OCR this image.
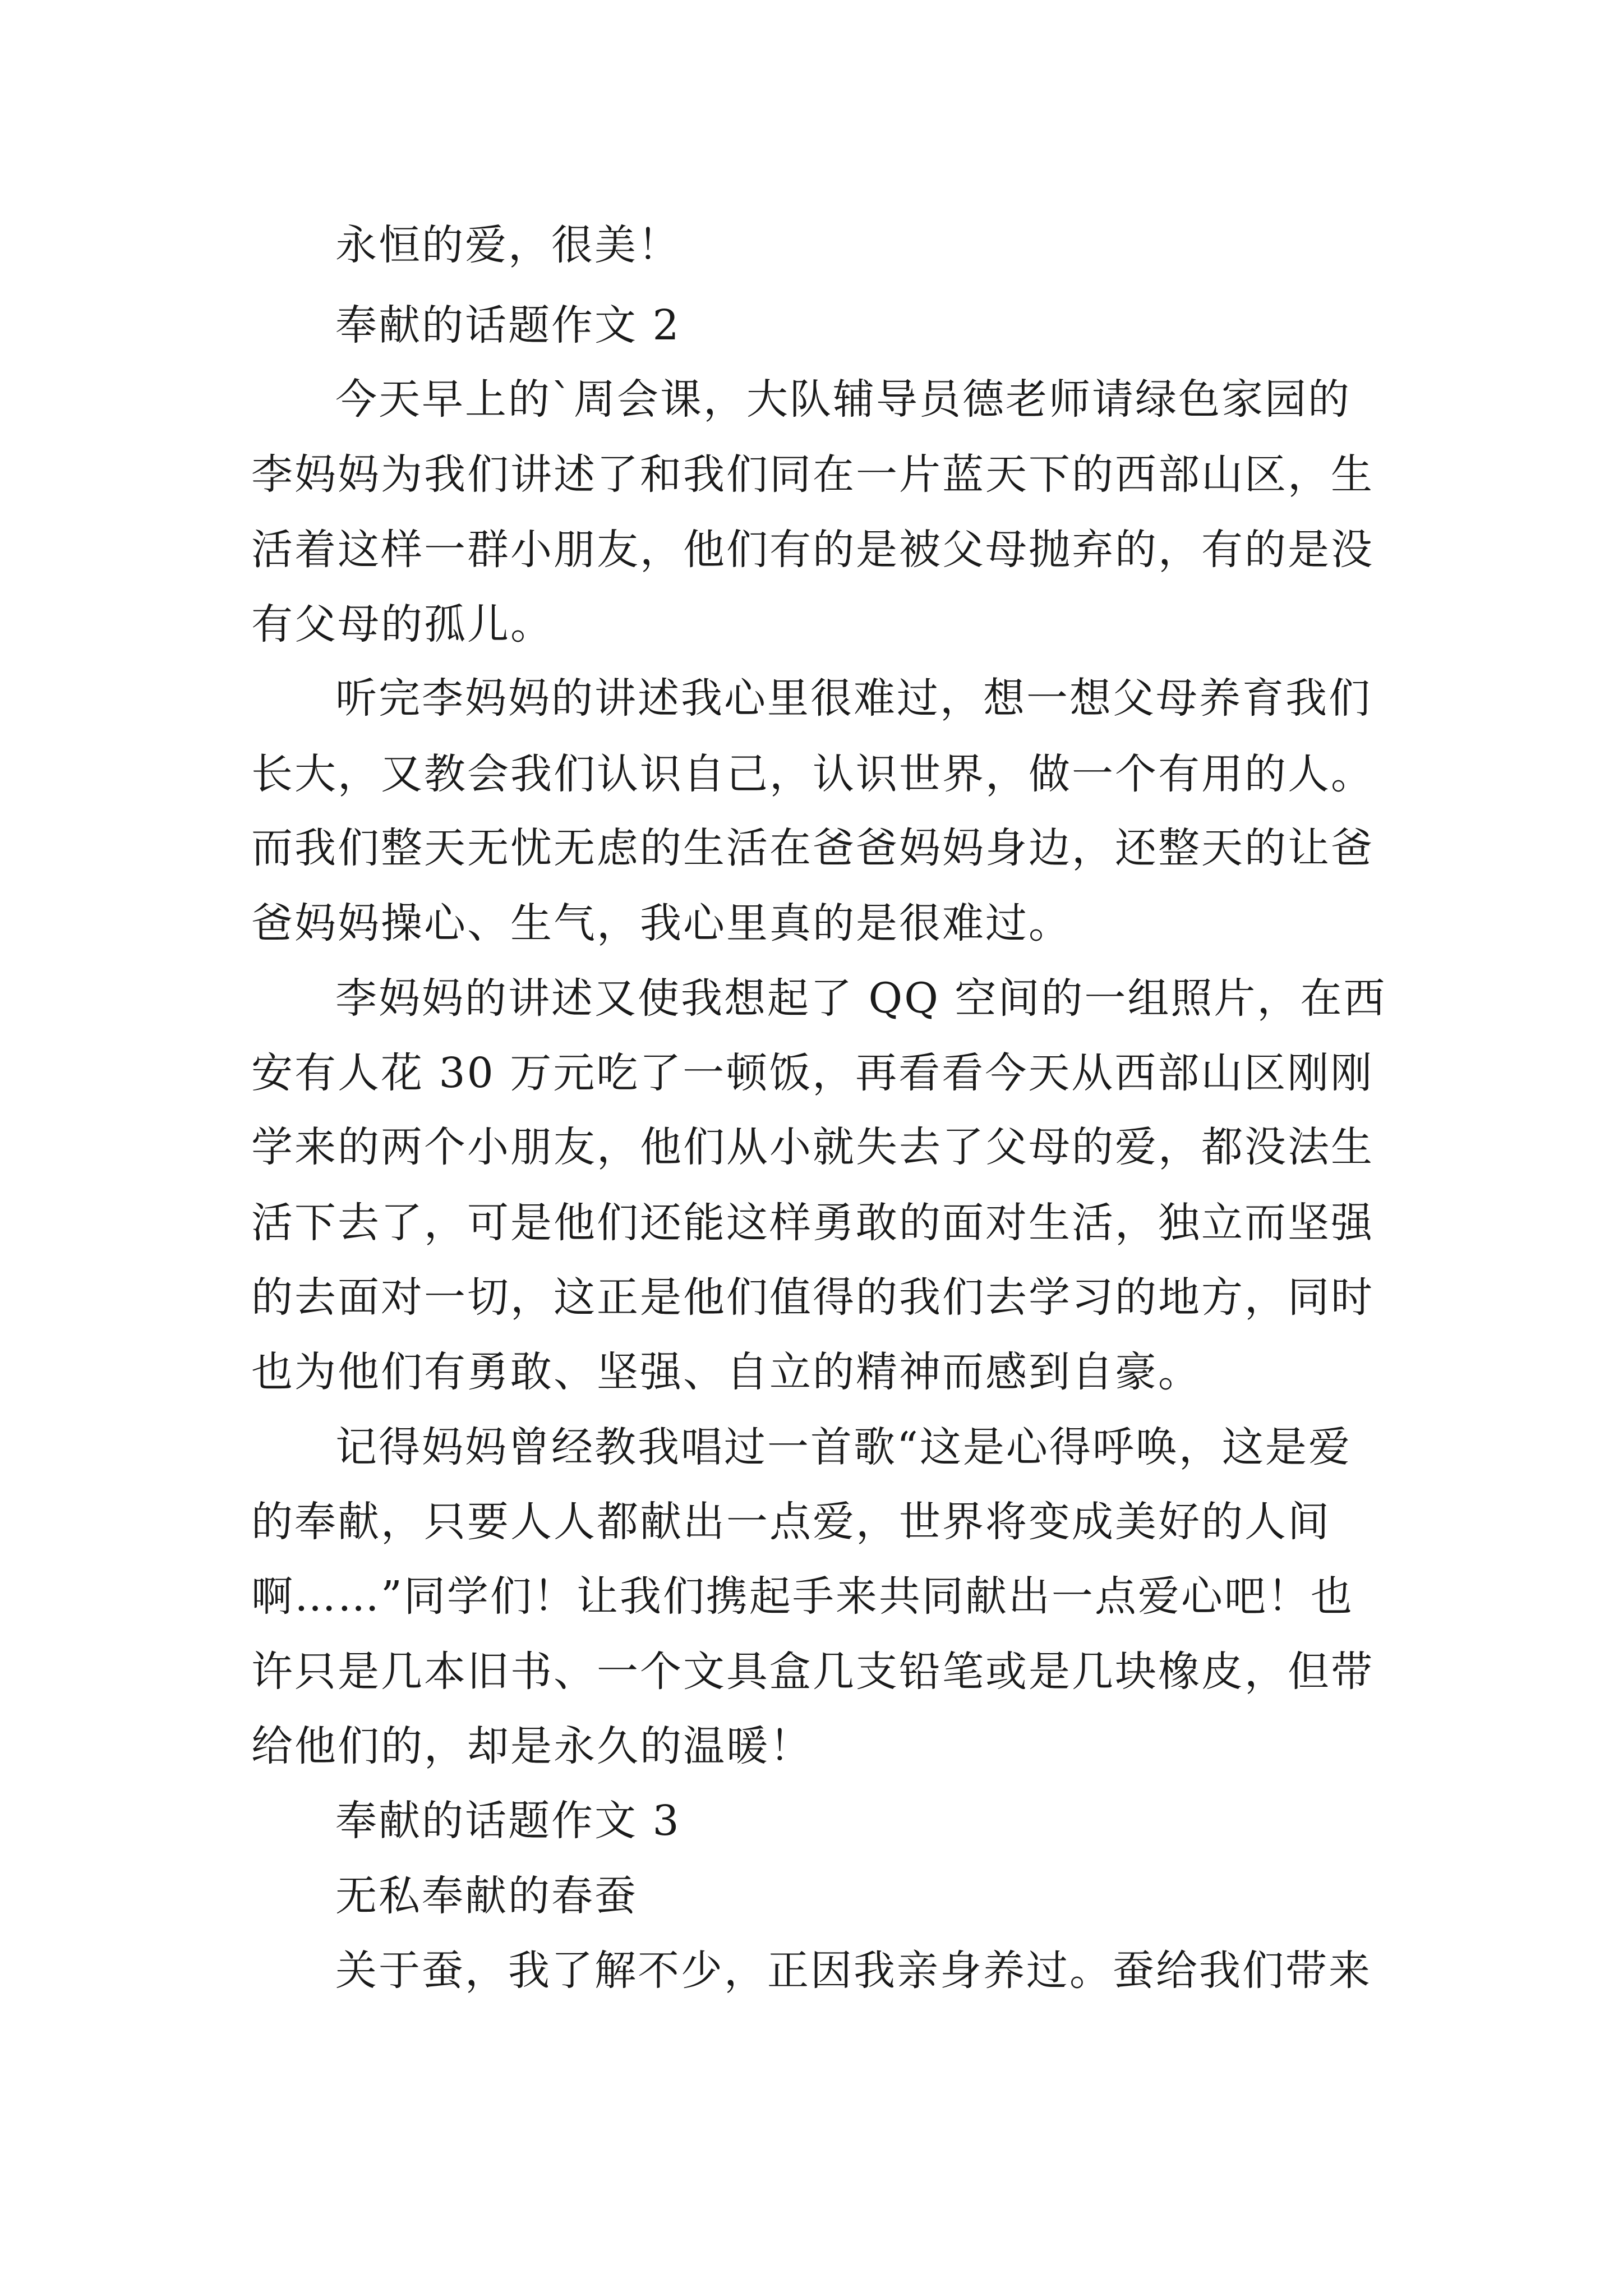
永恒的爱，很美！
奉献的话题作文 2
今天早上的`周会课，大队辅导员德老师请绿色家园的
李妈妈为我们讲述了和我们同在一片蓝天下的西部山区，生
活着这样一群小朋友，他们有的是被父母抛弃的，有的是没
有父母的孤儿。
听完李妈妈的讲述我心里很难过，想一想父母养育我们
长大，又教会我们认识自己，认识世界，做一个有用的人。
而我们整天无忧无虑的生活在爸爸妈妈身边，还整天的让爸
爸妈妈操心、生气，我心里真的是很难过。
李妈妈的讲述又使我想起了 QQ 空间的一组照片，在西
安有人花 30 万元吃了一顿饭，再看看今天从西部山区刚刚
学来的两个小朋友，他们从小就失去了父母的爱，都没法生
活下去了，可是他们还能这样勇敢的面对生活，独立而坚强
的去面对一切，这正是他们值得的我们去学习的地方，同时
也为他们有勇敢、坚强、自立的精神而感到自豪。
记得妈妈曾经教我唱过一首歌“这是心得呼唤，这是爱
的奉献，只要人人都献出一点爱，世界将变成美好的人间
啊……”同学们！让我们携起手来共同献出一点爱心吧！也
许只是几本旧书、一个文具盒几支铅笔或是几块橡皮，但带
给他们的，却是永久的温暖！
奉献的话题作文 3
无私奉献的春蚕
关于蚕，我了解不少，正因我亲身养过。蚕给我们带来
